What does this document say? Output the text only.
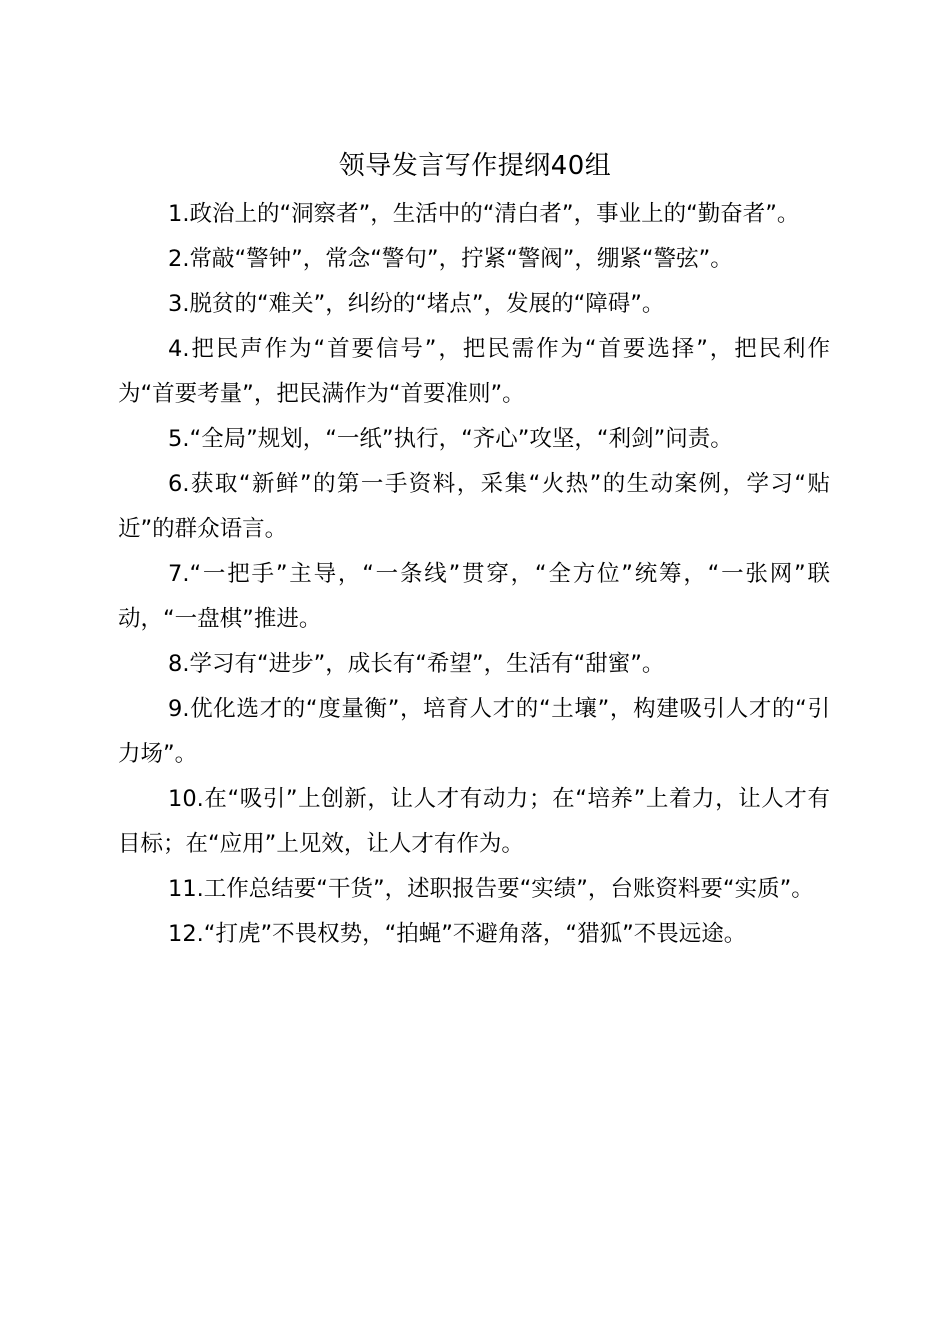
领导发言写作提纲40组

1.政治上的“洞察者”，生活中的“清白者”，事业上的“勤奋者”。

2.常敲“警钟”，常念“警句”，拧紧“警阀”，绷紧“警弦”。

3.脱贫的“难关”，纠纷的“堵点”，发展的“障碍”。

4.把民声作为“首要信号”，把民需作为“首要选择”，把民利作为“首要考量”，把民满作为“首要准则”。

5.“全局”规划，“一纸”执行，“齐心”攻坚，“利剑”问责。

6.获取“新鲜”的第一手资料，采集“火热”的生动案例，学习“贴近”的群众语言。

7.“一把手”主导，“一条线”贯穿，“全方位”统筹，“一张网”联动，“一盘棋”推进。

8.学习有“进步”，成长有“希望”，生活有“甜蜜”。

9.优化选才的“度量衡”，培育人才的“土壤”，构建吸引人才的“引力场”。

10.在“吸引”上创新，让人才有动力；在“培养”上着力，让人才有目标；在“应用”上见效，让人才有作为。

11.工作总结要“干货”，述职报告要“实绩”，台账资料要“实质”。

12.“打虎”不畏权势，“拍蝇”不避角落，“猎狐”不畏远途。
